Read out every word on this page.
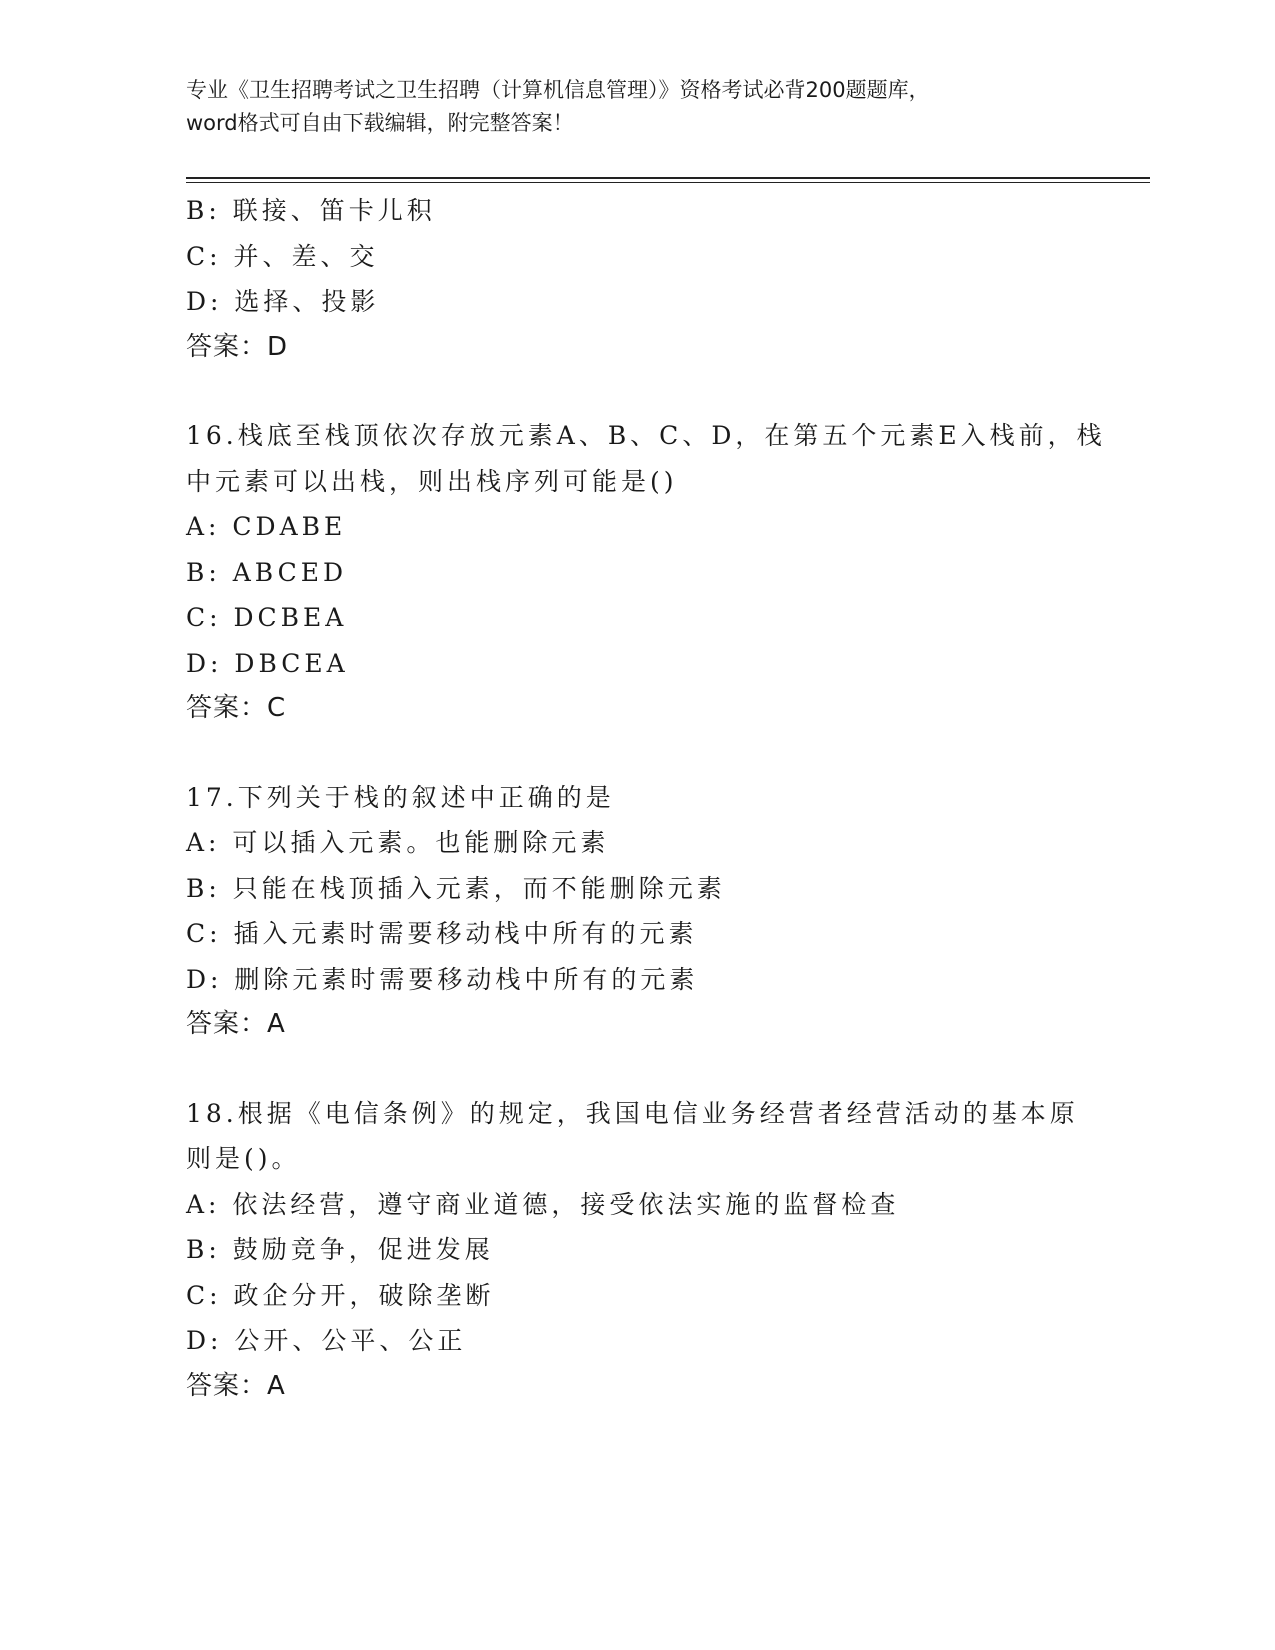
专业《卫生招聘考试之卫生招聘（计算机信息管理）》资格考试必背200题题库，
word格式可自由下载编辑，附完整答案！
B: 联接、笛卡儿积
C: 并、差、交
D: 选择、投影
答案：D
16.栈底至栈顶依次存放元素A、B、C、D，在第五个元素E入栈前，栈
中元素可以出栈，则出栈序列可能是()
A: CDABE
B: ABCED
C: DCBEA
D: DBCEA
答案：C
17.下列关于栈的叙述中正确的是
A: 可以插入元素。也能删除元素
B: 只能在栈顶插入元素，而不能删除元素
C: 插入元素时需要移动栈中所有的元素
D: 删除元素时需要移动栈中所有的元素
答案：A
18.根据《电信条例》的规定，我国电信业务经营者经营活动的基本原
则是()。
A: 依法经营，遵守商业道德，接受依法实施的监督检查
B: 鼓励竞争，促进发展
C: 政企分开，破除垄断
D: 公开、公平、公正
答案：A
